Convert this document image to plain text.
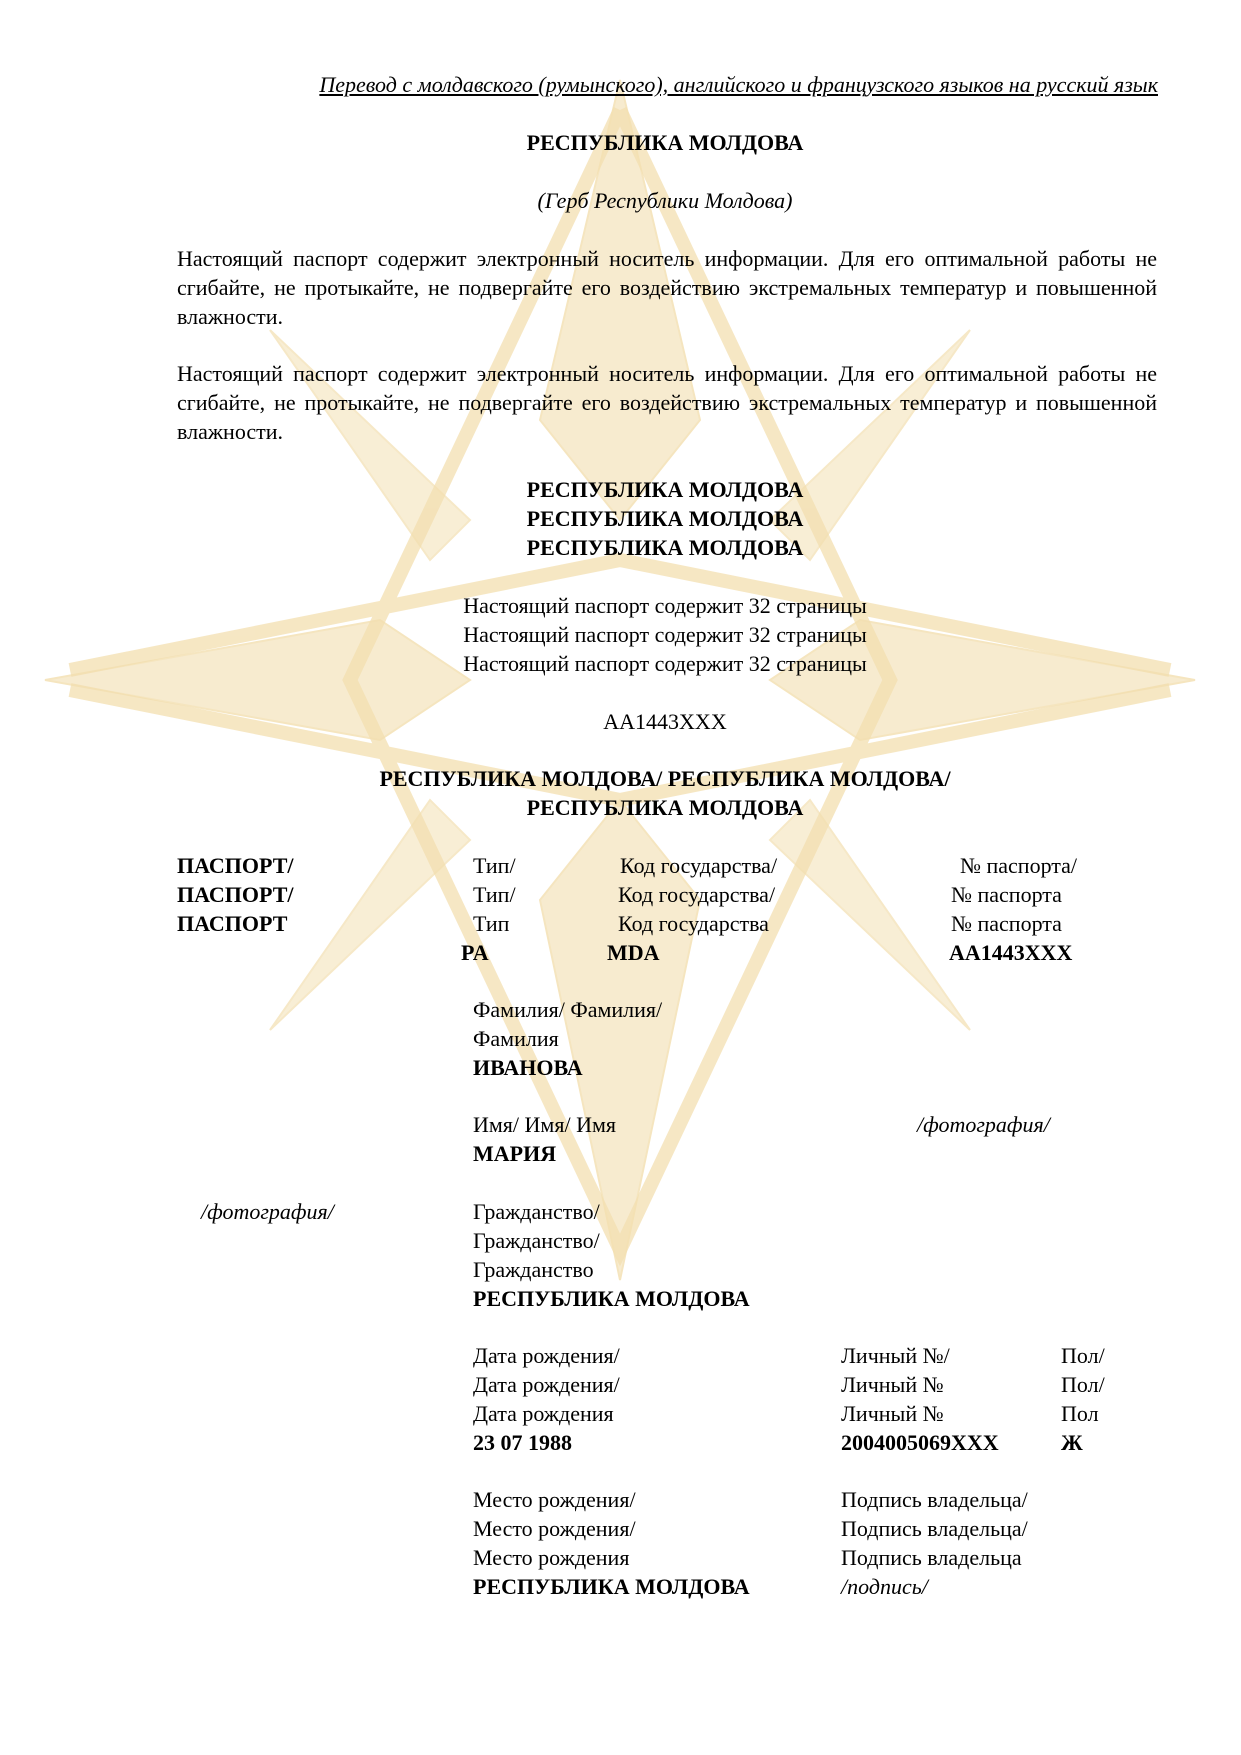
Перевод с молдавского (румынского), английского и французского языков на русский язык
РЕСПУБЛИКА МОЛДОВА
(Герб Республики Молдова)
Настоящий паспорт содержит электронный носитель информации. Для его оптимальной работы не сгибайте, не протыкайте, не подвергайте его воздействию экстремальных температур и повышенной влажности.
Настоящий паспорт содержит электронный носитель информации. Для его оптимальной работы не сгибайте, не протыкайте, не подвергайте его воздействию экстремальных температур и повышенной влажности.
РЕСПУБЛИКА МОЛДОВА
РЕСПУБЛИКА МОЛДОВА
РЕСПУБЛИКА МОЛДОВА
Настоящий паспорт содержит 32 страницы
Настоящий паспорт содержит 32 страницы
Настоящий паспорт содержит 32 страницы
AA1443XXX
РЕСПУБЛИКА МОЛДОВА/ РЕСПУБЛИКА МОЛДОВА/
РЕСПУБЛИКА МОЛДОВА
ПАСПОРТ/
ПАСПОРТ/
ПАСПОРТ
Тип/
Тип/
Тип
PA
Код государства/
Код государства/
Код государства
MDA
№ паспорта/
№ паспорта
№ паспорта
AA1443XXX
Фамилия/ Фамилия/
Фамилия
ИВАНОВА
Имя/ Имя/ Имя
МАРИЯ
/фотография/
/фотография/	Гражданство/
Гражданство/
Гражданство
РЕСПУБЛИКА МОЛДОВА
Дата рождения/
Дата рождения/
Дата рождения
23 07 1988
Личный №/
Личный №
Личный №
2004005069XXX
Пол/
Пол/
Пол
Ж
Место рождения/
Место рождения/
Место рождения
РЕСПУБЛИКА МОЛДОВА
Подпись владельца/
Подпись владельца/
Подпись владельца
/подпись/
